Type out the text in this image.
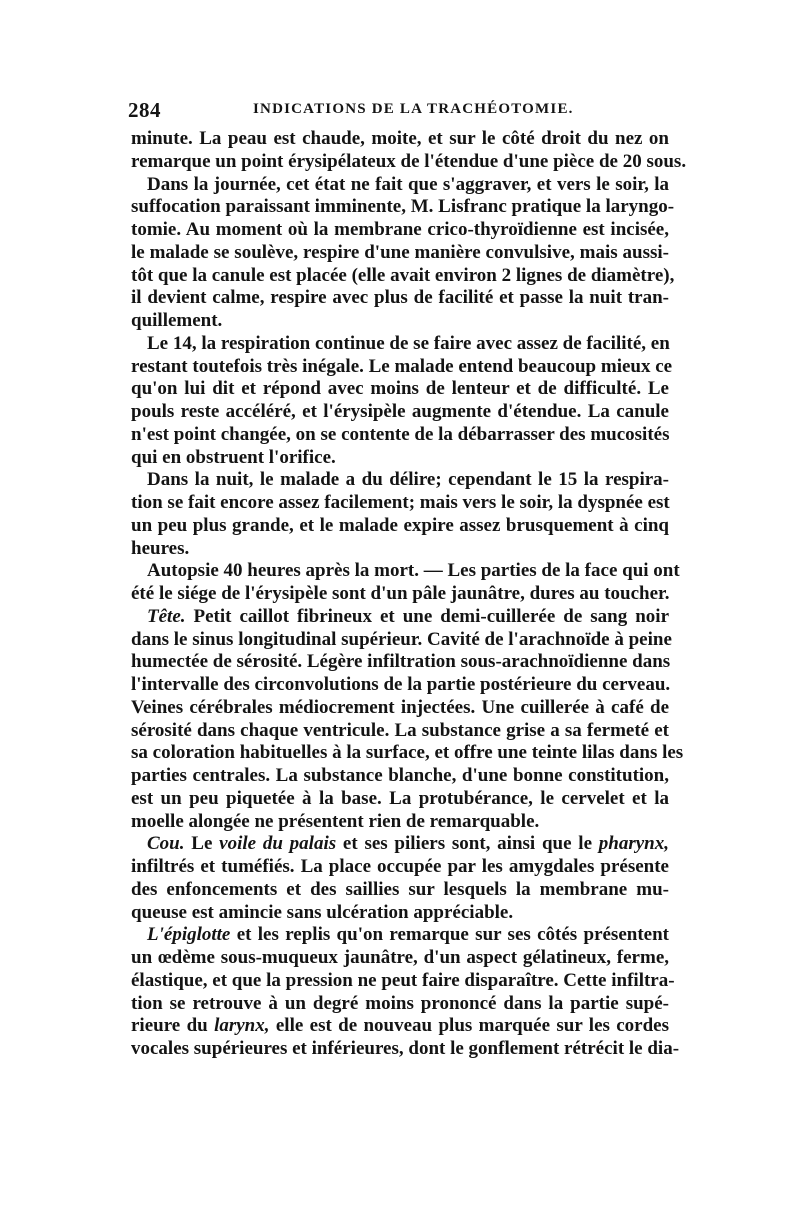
284	INDICATIONS DE LA TRACHÉOTOMIE.
minute. La peau est chaude, moite, et sur le côté droit du nez on
remarque un point érysipélateux de l'étendue d'une pièce de 20 sous.
Dans la journée, cet état ne fait que s'aggraver, et vers le soir, la
suffocation paraissant imminente, M. Lisfranc pratique la laryngo-
tomie. Au moment où la membrane crico-thyroïdienne est incisée,
le malade se soulève, respire d'une manière convulsive, mais aussi-
tôt que la canule est placée (elle avait environ 2 lignes de diamètre),
il devient calme, respire avec plus de facilité et passe la nuit tran-
quillement.
Le 14, la respiration continue de se faire avec assez de facilité, en
restant toutefois très inégale. Le malade entend beaucoup mieux ce
qu'on lui dit et répond avec moins de lenteur et de difficulté. Le
pouls reste accéléré, et l'érysipèle augmente d'étendue. La canule
n'est point changée, on se contente de la débarrasser des mucosités
qui en obstruent l'orifice.
Dans la nuit, le malade a du délire; cependant le 15 la respira-
tion se fait encore assez facilement; mais vers le soir, la dyspnée est
un peu plus grande, et le malade expire assez brusquement à cinq
heures.
Autopsie 40 heures après la mort. — Les parties de la face qui ont
été le siége de l'érysipèle sont d'un pâle jaunâtre, dures au toucher.
Tête. Petit caillot fibrineux et une demi-cuillerée de sang noir
dans le sinus longitudinal supérieur. Cavité de l'arachnoïde à peine
humectée de sérosité. Légère infiltration sous-arachnoïdienne dans
l'intervalle des circonvolutions de la partie postérieure du cerveau.
Veines cérébrales médiocrement injectées. Une cuillerée à café de
sérosité dans chaque ventricule. La substance grise a sa fermeté et
sa coloration habituelles à la surface, et offre une teinte lilas dans les
parties centrales. La substance blanche, d'une bonne constitution,
est un peu piquetée à la base. La protubérance, le cervelet et la
moelle alongée ne présentent rien de remarquable.
Cou. Le voile du palais et ses piliers sont, ainsi que le pharynx,
infiltrés et tuméfiés. La place occupée par les amygdales présente
des enfoncements et des saillies sur lesquels la membrane mu-
queuse est amincie sans ulcération appréciable.
L'épiglotte et les replis qu'on remarque sur ses côtés présentent
un œdème sous-muqueux jaunâtre, d'un aspect gélatineux, ferme,
élastique, et que la pression ne peut faire disparaître. Cette infiltra-
tion se retrouve à un degré moins prononcé dans la partie supé-
rieure du larynx, elle est de nouveau plus marquée sur les cordes
vocales supérieures et inférieures, dont le gonflement rétrécit le dia-
